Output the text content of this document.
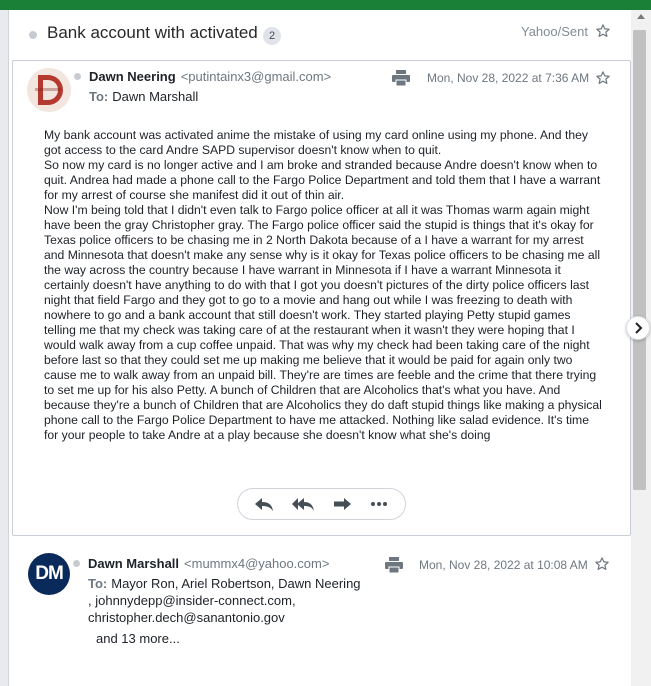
Bank account with activated	2	Yahoo/Sent
Dawn Neering <putintainx3@gmail.com>
To: Dawn Marshall
Mon, Nov 28, 2022 at 7:36 AM
My bank account was activated anime the mistake of using my card online using my phone. And they got access to the card Andre SAPD supervisor doesn't know when to quit.
So now my card is no longer active and I am broke and stranded because Andre doesn't know when to quit. Andrea had made a phone call to the Fargo Police Department and told them that I have a warrant for my arrest of course she manifest did it out of thin air.
Now I'm being told that I didn't even talk to Fargo police officer at all it was Thomas warm again might have been the gray Christopher gray. The Fargo police officer said the stupid is things that it's okay for Texas police officers to be chasing me in 2 North Dakota because of a I have a warrant for my arrest and Minnesota that doesn't make any sense why is it okay for Texas police officers to be chasing me all the way across the country because I have warrant in Minnesota if I have a warrant Minnesota it certainly doesn't have anything to do with that I got you doesn't pictures of the dirty police officers last night that field Fargo and they got to go to a movie and hang out while I was freezing to death with nowhere to go and a bank account that still doesn't work. They started playing Petty stupid games telling me that my check was taking care of at the restaurant when it wasn't they were hoping that I would walk away from a cup coffee unpaid. That was why my check had been taking care of the night before last so that they could set me up making me believe that it would be paid for again only two cause me to walk away from an unpaid bill. They're are times are feeble and the crime that there trying to set me up for his also Petty. A bunch of Children that are Alcoholics that's what you have. And because they're a bunch of Children that are Alcoholics they do daft stupid things like making a physical phone call to the Fargo Police Department to have me attacked. Nothing like salad evidence. It's time for your people to take Andre at a play because she doesn't know what she's doing
DM	Dawn Marshall <mummx4@yahoo.com>
To: Mayor Ron, Ariel Robertson, Dawn Neering
, johnnydepp@insider-connect.com,
christopher.dech@sanantonio.gov
and 13 more...
Mon, Nov 28, 2022 at 10:08 AM
